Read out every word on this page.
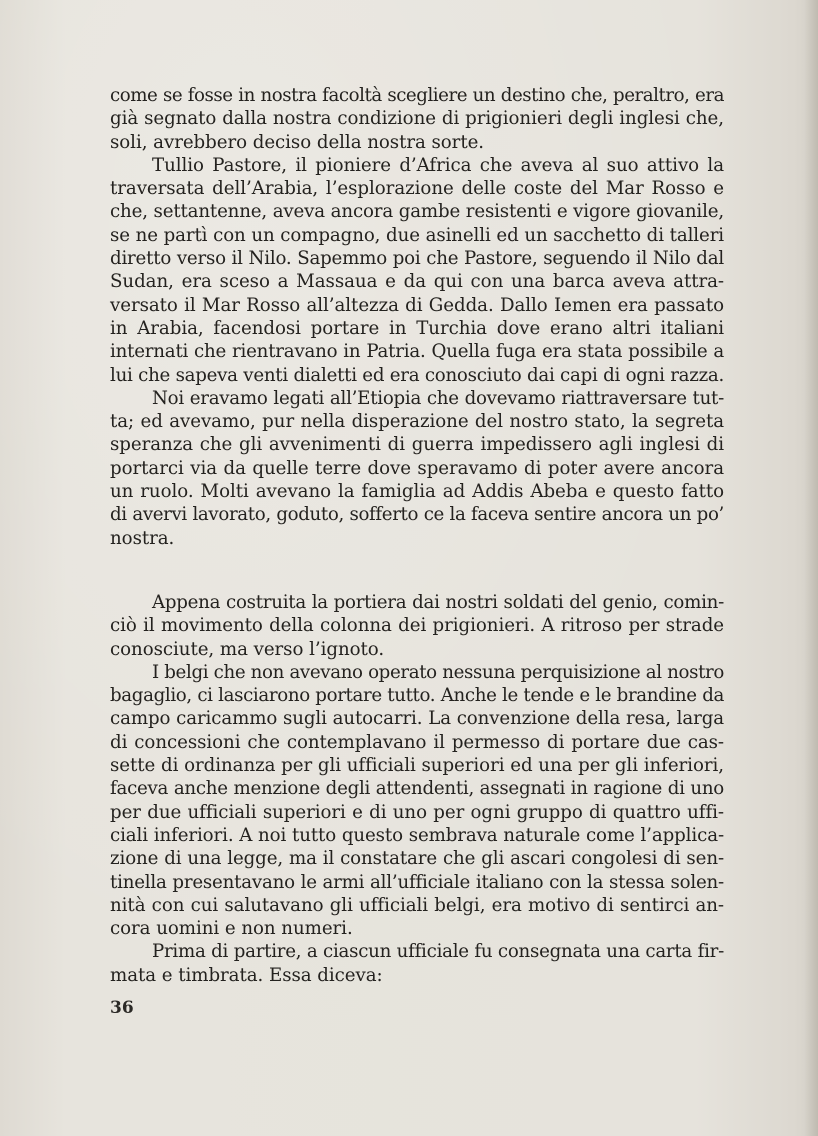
come se fosse in nostra facoltà scegliere un destino che, peraltro, era
già segnato dalla nostra condizione di prigionieri degli inglesi che,
soli, avrebbero deciso della nostra sorte.

Tullio Pastore, il pioniere d’Africa che aveva al suo attivo la
traversata dell’Arabia, l’esplorazione delle coste del Mar Rosso e
che, settantenne, aveva ancora gambe resistenti e vigore giovanile,
se ne partì con un compagno, due asinelli ed un sacchetto di talleri
diretto verso il Nilo. Sapemmo poi che Pastore, seguendo il Nilo dal
Sudan, era sceso a Massaua e da qui con una barca aveva attra-
versato il Mar Rosso all’altezza di Gedda. Dallo Iemen era passato
in Arabia, facendosi portare in Turchia dove erano altri italiani
internati che rientravano in Patria. Quella fuga era stata possibile a
lui che sapeva venti dialetti ed era conosciuto dai capi di ogni razza.

Noi eravamo legati all’Etiopia che dovevamo riattraversare tut-
ta; ed avevamo, pur nella disperazione del nostro stato, la segreta
speranza che gli avvenimenti di guerra impedissero agli inglesi di
portarci via da quelle terre dove speravamo di poter avere ancora
un ruolo. Molti avevano la famiglia ad Addis Abeba e questo fatto
di avervi lavorato, goduto, sofferto ce la faceva sentire ancora un po’
nostra.

Appena costruita la portiera dai nostri soldati del genio, comin-
ciò il movimento della colonna dei prigionieri. A ritroso per strade
conosciute, ma verso l’ignoto.

I belgi che non avevano operato nessuna perquisizione al nostro
bagaglio, ci lasciarono portare tutto. Anche le tende e le brandine da
campo caricammo sugli autocarri. La convenzione della resa, larga
di concessioni che contemplavano il permesso di portare due cas-
sette di ordinanza per gli ufficiali superiori ed una per gli inferiori,
faceva anche menzione degli attendenti, assegnati in ragione di uno
per due ufficiali superiori e di uno per ogni gruppo di quattro uffi-
ciali inferiori. A noi tutto questo sembrava naturale come l’applica-
zione di una legge, ma il constatare che gli ascari congolesi di sen-
tinella presentavano le armi all’ufficiale italiano con la stessa solen-
nità con cui salutavano gli ufficiali belgi, era motivo di sentirci an-
cora uomini e non numeri.

Prima di partire, a ciascun ufficiale fu consegnata una carta fir-
mata e timbrata. Essa diceva:

36
